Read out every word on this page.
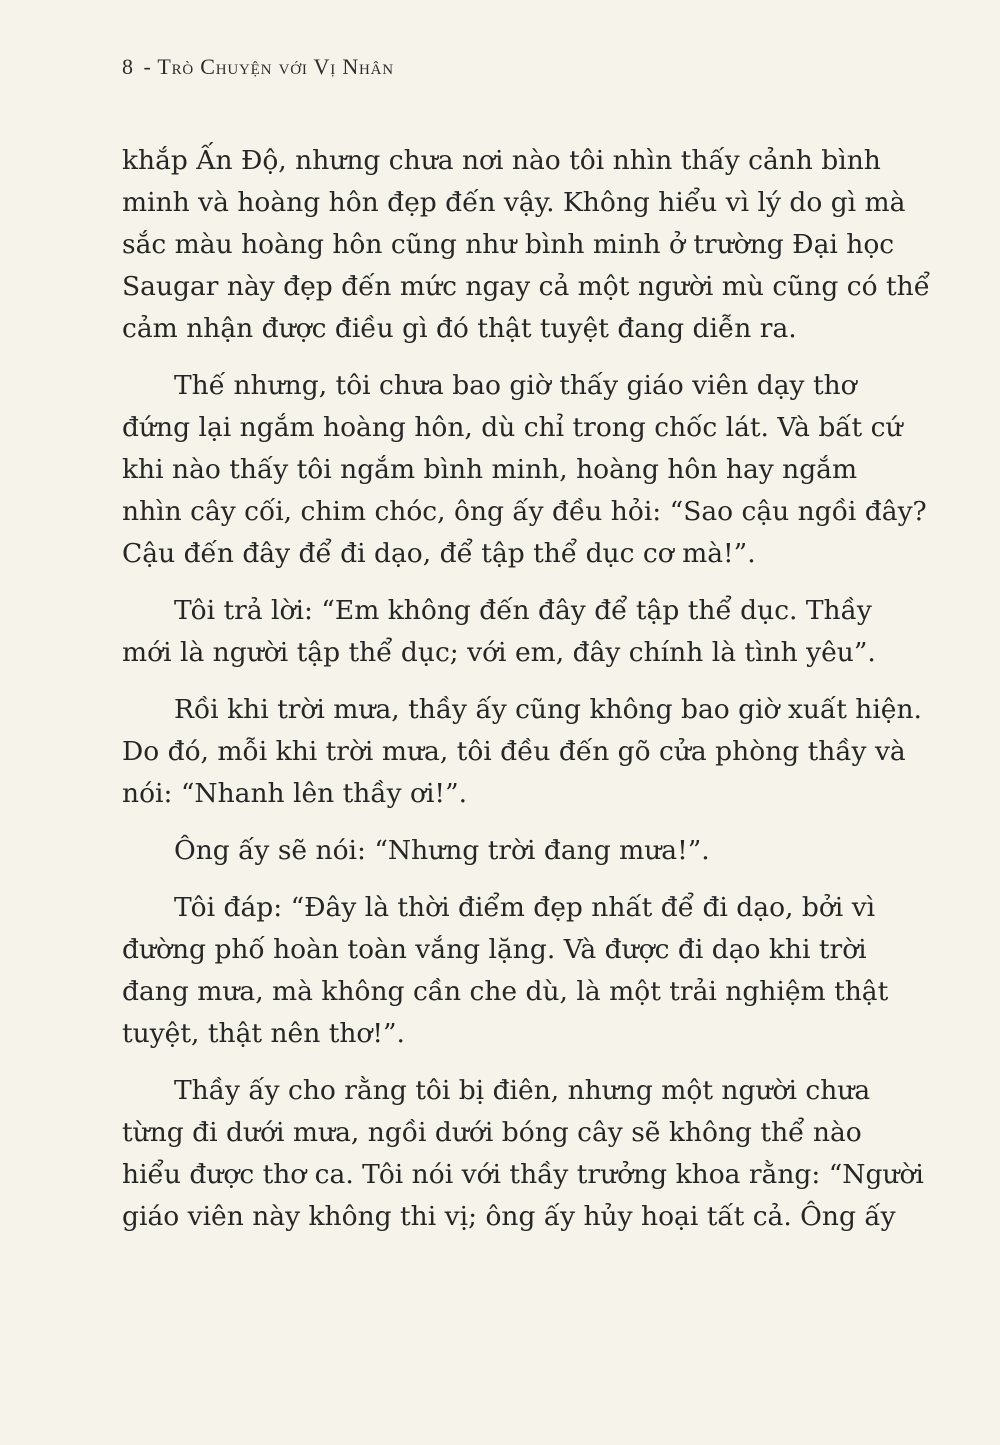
8 - Trò Chuyện với Vị Nhân
khắp Ấn Độ, nhưng chưa nơi nào tôi nhìn thấy cảnh bình
minh và hoàng hôn đẹp đến vậy. Không hiểu vì lý do gì mà
sắc màu hoàng hôn cũng như bình minh ở trường Đại học
Saugar này đẹp đến mức ngay cả một người mù cũng có thể
cảm nhận được điều gì đó thật tuyệt đang diễn ra.
Thế nhưng, tôi chưa bao giờ thấy giáo viên dạy thơ
đứng lại ngắm hoàng hôn, dù chỉ trong chốc lát. Và bất cứ
khi nào thấy tôi ngắm bình minh, hoàng hôn hay ngắm
nhìn cây cối, chim chóc, ông ấy đều hỏi: “Sao cậu ngồi đây?
Cậu đến đây để đi dạo, để tập thể dục cơ mà!”.
Tôi trả lời: “Em không đến đây để tập thể dục. Thầy
mới là người tập thể dục; với em, đây chính là tình yêu”.
Rồi khi trời mưa, thầy ấy cũng không bao giờ xuất hiện.
Do đó, mỗi khi trời mưa, tôi đều đến gõ cửa phòng thầy và
nói: “Nhanh lên thầy ơi!”.
Ông ấy sẽ nói: “Nhưng trời đang mưa!”.
Tôi đáp: “Đây là thời điểm đẹp nhất để đi dạo, bởi vì
đường phố hoàn toàn vắng lặng. Và được đi dạo khi trời
đang mưa, mà không cần che dù, là một trải nghiệm thật
tuyệt, thật nên thơ!”.
Thầy ấy cho rằng tôi bị điên, nhưng một người chưa
từng đi dưới mưa, ngồi dưới bóng cây sẽ không thể nào
hiểu được thơ ca. Tôi nói với thầy trưởng khoa rằng: “Người
giáo viên này không thi vị; ông ấy hủy hoại tất cả. Ông ấy
